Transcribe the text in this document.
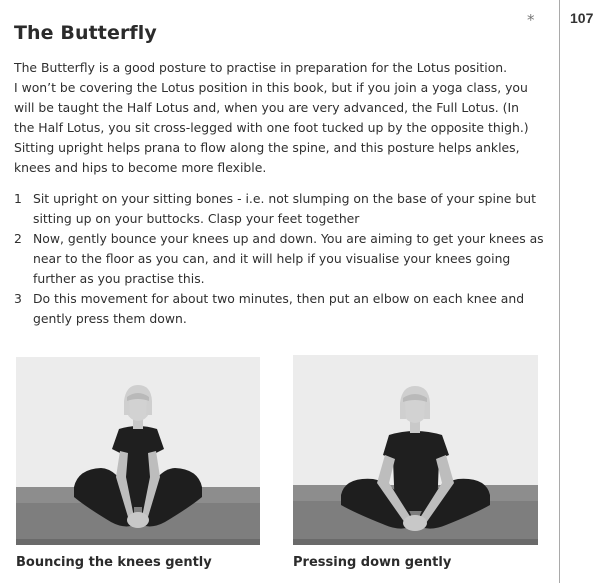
The Butterfly
*	107

The Butterfly is a good posture to practise in preparation for the Lotus position.
I won’t be covering the Lotus position in this book, but if you join a yoga class, you
will be taught the Half Lotus and, when you are very advanced, the Full Lotus. (In
the Half Lotus, you sit cross-legged with one foot tucked up by the opposite thigh.)
Sitting upright helps prana to flow along the spine, and this posture helps ankles,
knees and hips to become more flexible.

1 Sit upright on your sitting bones - i.e. not slumping on the base of your spine but
sitting up on your buttocks. Clasp your feet together
2 Now, gently bounce your knees up and down. You are aiming to get your knees as
near to the floor as you can, and it will help if you visualise your knees going
further as you practise this.
3 Do this movement for about two minutes, then put an elbow on each knee and
gently press them down.
Bouncing the knees gently	Pressing down gently
